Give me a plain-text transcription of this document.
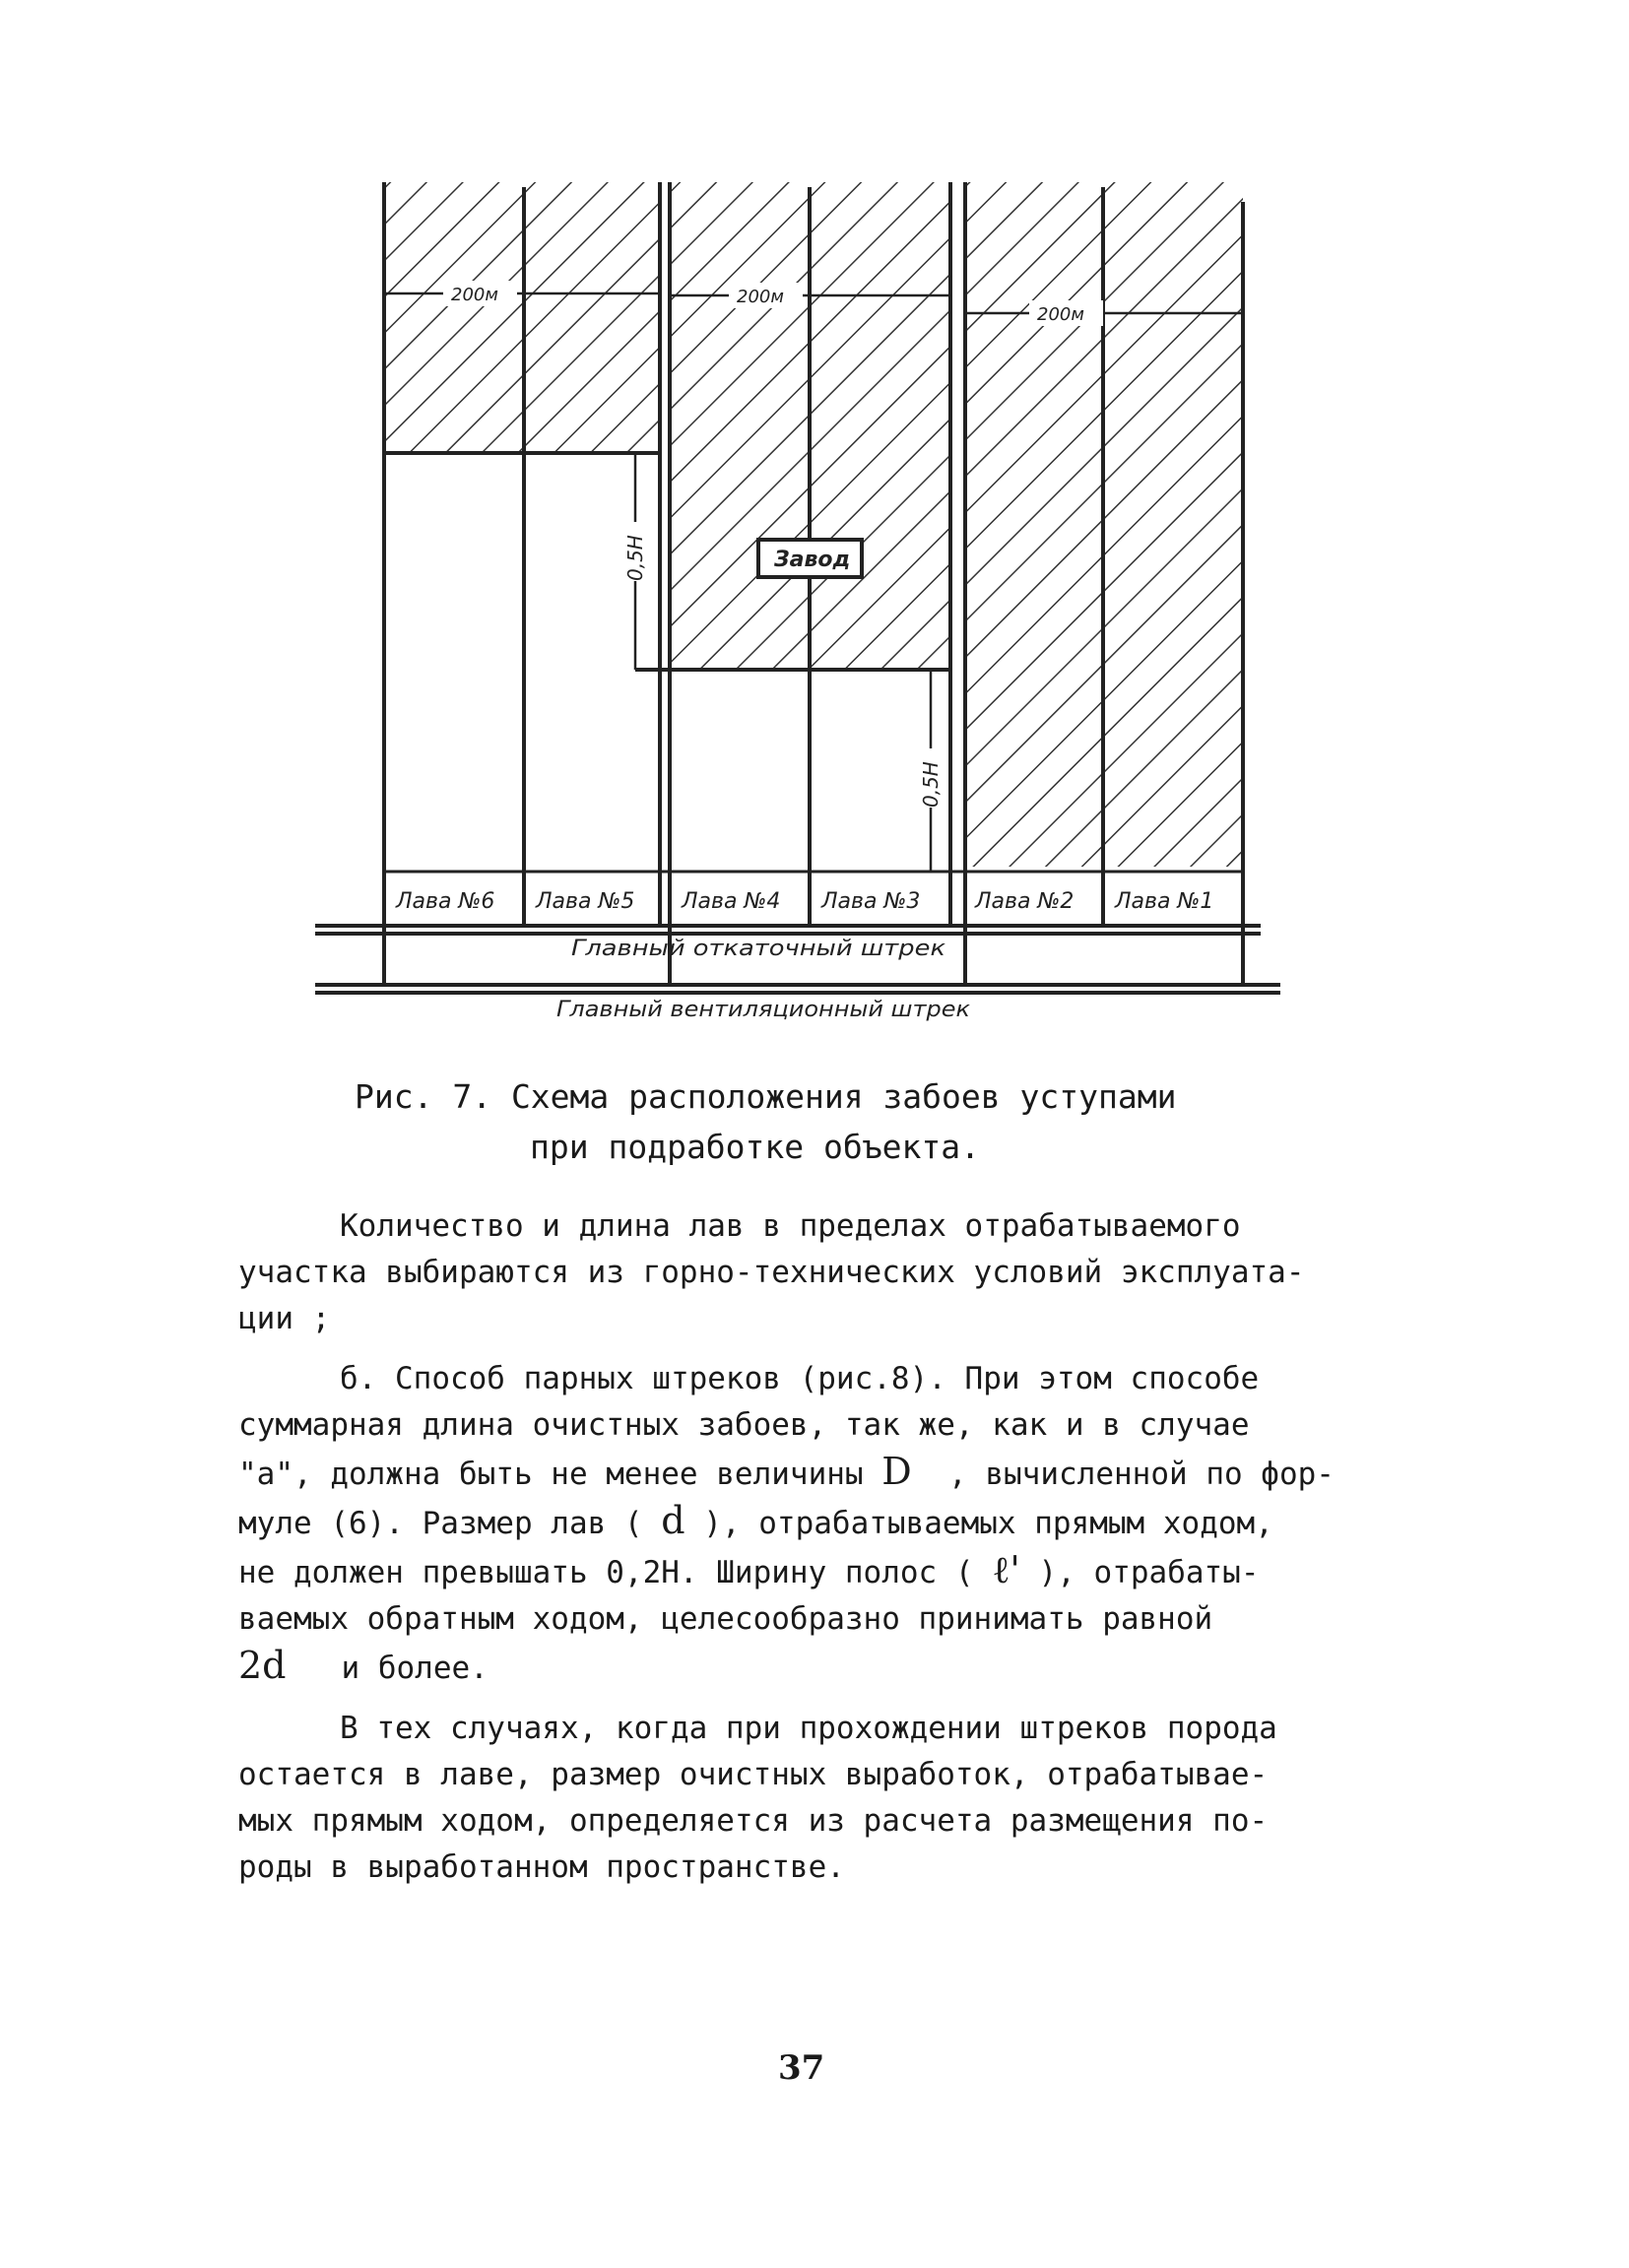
200м	200м
200м
0,5Н
0,5Н
Завод
Лава №6 Лава №5 Лава №4 Лава №3	Лава №2 Лава №1
Главный откаточный штрек
Главный вентиляционный штрек
Рис. 7. Схема расположения забоев уступами
при подработке объекта.
Количество и длина лав в пределах отрабатываемого
участка выбираются из горно-технических условий эксплуата-
ции ;
б. Способ парных штреков (рис.8). При этом способе
суммарная длина очистных забоев, так же, как и в случае
"а", должна быть не менее величины D , вычисленной по фор-
муле (6). Размер лав ( d ), отрабатываемых прямым ходом,
не должен превышать 0,2Н. Ширину полос ( ℓ' ), отрабаты-
ваемых обратным ходом, целесообразно принимать равной
2d и более.
В тех случаях, когда при прохождении штреков порода
остается в лаве, размер очистных выработок, отрабатывае-
мых прямым ходом, определяется из расчета размещения по-
роды в выработанном пространстве.
37
